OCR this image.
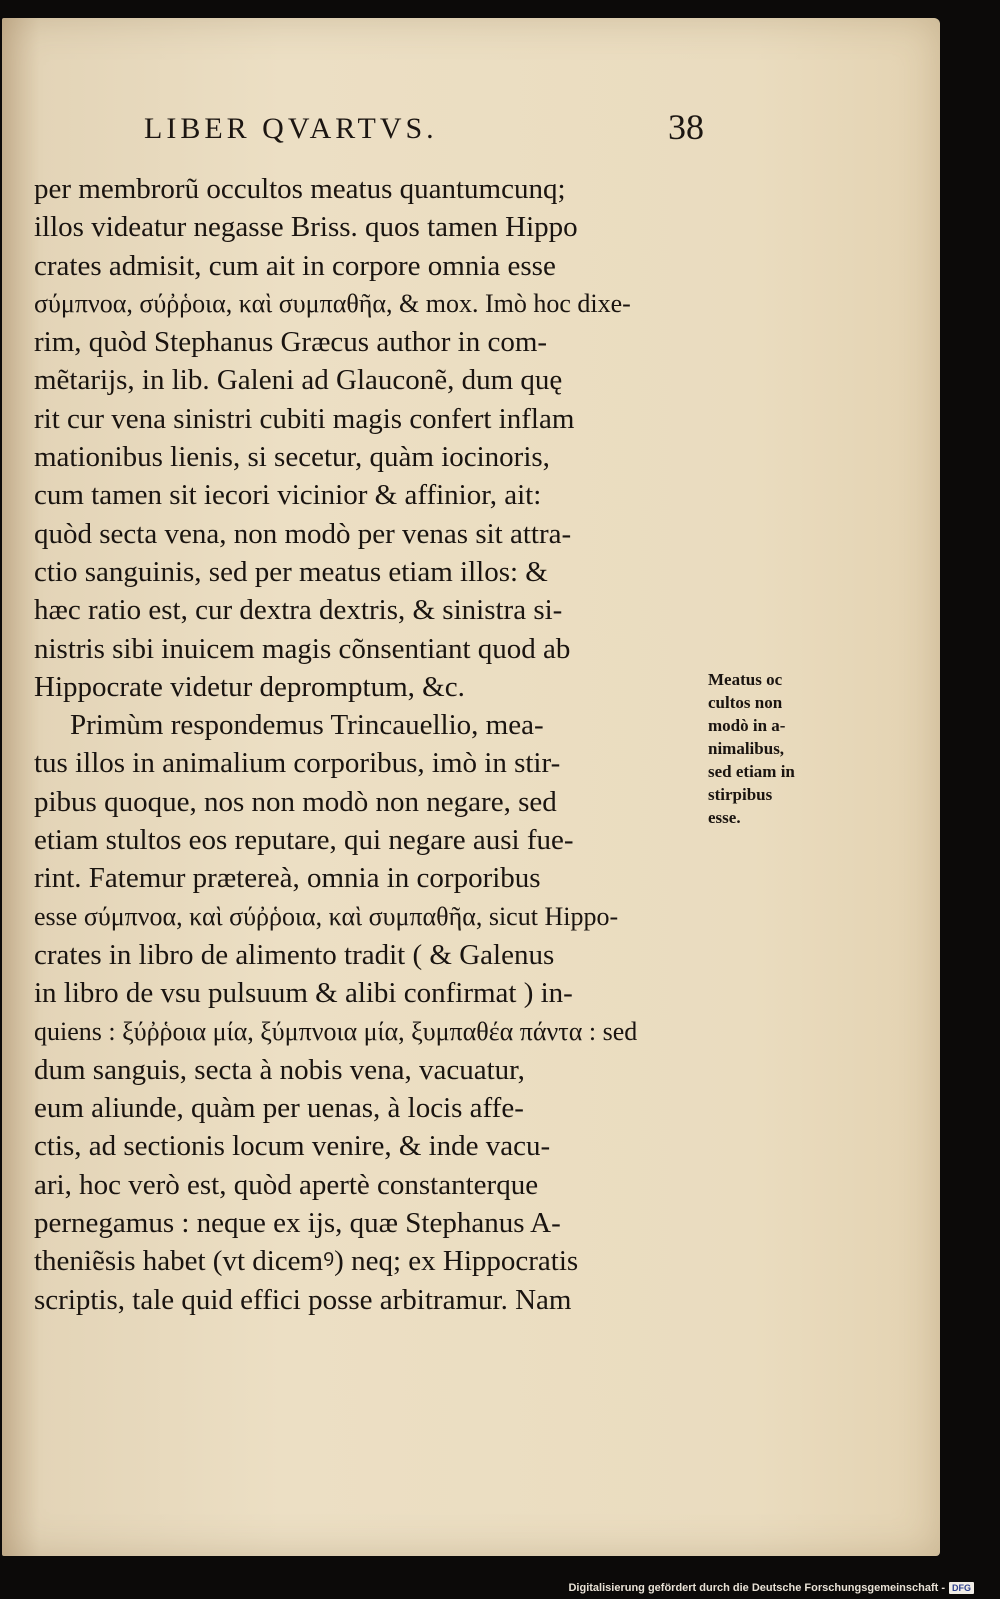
LIBER QVARTVS.	38
per membrorũ occultos meatus quantumcunq;
illos videatur negasse Briss. quos tamen Hippo
crates admisit, cum ait in corpore omnia esse
σύμπνοα, σύῤῥοια, καὶ συμπαθῆα, & mox. Imò hoc dixe-
rim, quòd Stephanus Græcus author in com-
mẽtarijs, in lib. Galeni ad Glauconẽ, dum quę
rit cur vena sinistri cubiti magis confert inflam
mationibus lienis, si secetur, quàm iocinoris,
cum tamen sit iecori vicinior & affinior, ait:
quòd secta vena, non modò per venas sit attra-
ctio sanguinis, sed per meatus etiam illos: &
hæc ratio est, cur dextra dextris, & sinistra si-
nistris sibi inuicem magis cõnsentiant quod ab
Hippocrate videtur depromptum, &c.
Primùm respondemus Trincauellio, mea-
tus illos in animalium corporibus, imò in stir-
pibus quoque, nos non modò non negare, sed
etiam stultos eos reputare, qui negare ausi fue-
rint. Fatemur prætereà, omnia in corporibus
esse σύμπνοα, καὶ σύῤῥοια, καὶ συμπαθῆα, sicut Hippo-
crates in libro de alimento tradit ( & Galenus
in libro de vsu pulsuum & alibi confirmat ) in-
quiens : ξύῤῥοια μία, ξύμπνοια μία, ξυμπαθέα πάντα : sed
dum sanguis, secta à nobis vena, vacuatur,
eum aliunde, quàm per uenas, à locis affe-
ctis, ad sectionis locum venire, & inde vacu-
ari, hoc verò est, quòd apertè constanterque
pernegamus : neque ex ijs, quæ Stephanus A-
theniẽsis habet (vt dicemꝰ) neq; ex Hippocratis
scriptis, tale quid effici posse arbitramur. Nam
Meatus oc
cultos non
modò in a-
nimalibus,
sed etiam in
stirpibus
esse.
Digitalisierung gefördert durch die Deutsche Forschungsgemeinschaft - DFG
